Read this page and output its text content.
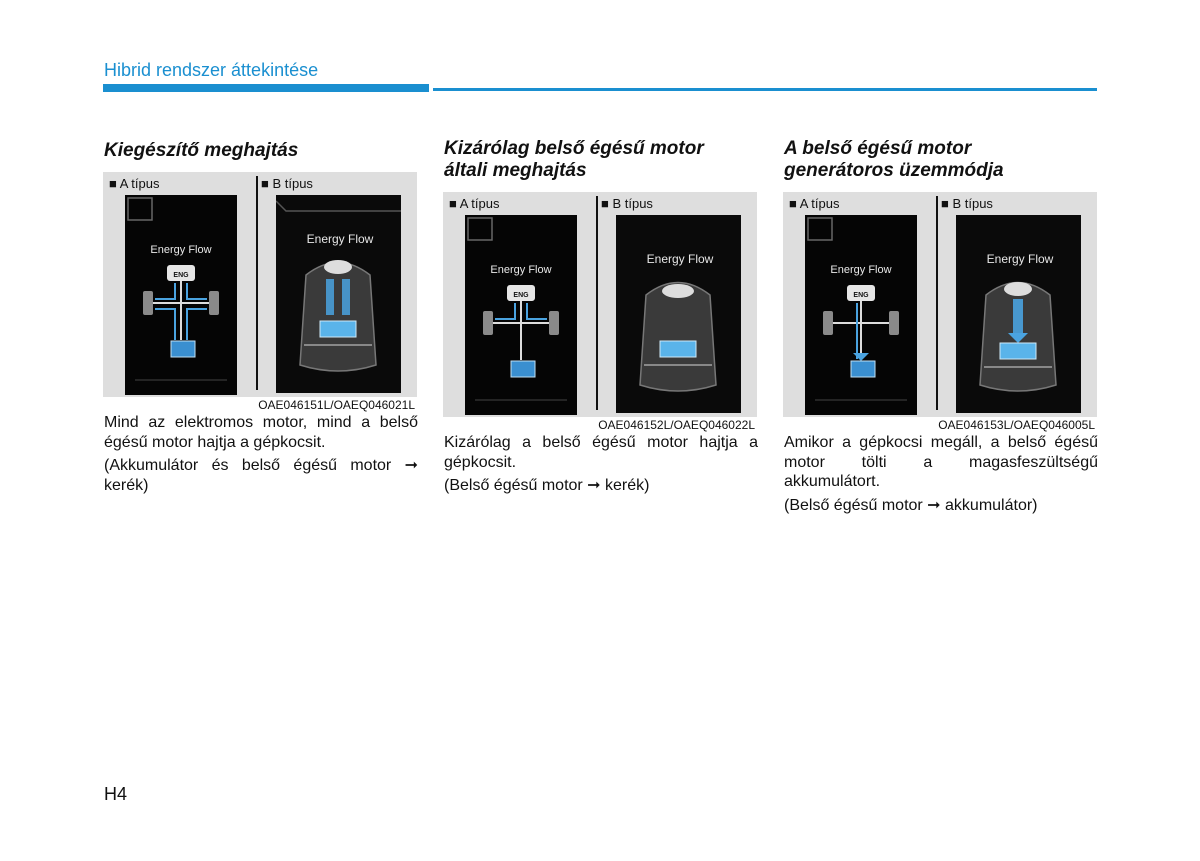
Hibrid rendszer áttekintése
Kiegészítő meghajtás
■ A típus	■ B típus
Energy Flow
ENG
Energy Flow
OAE046151L/OAEQ046021L

Mind az elektromos motor, mind a belső égésű motor hajtja a gépkocsit.

(Akkumulátor és belső égésű motor ➞ kerék)

Kizárólag belső égésű motor
általi meghajtás
■ A típus	■ B típus
Energy Flow
ENG
Energy Flow
OAE046152L/OAEQ046022L

Kizárólag a belső égésű motor hajtja a gépkocsit.

(Belső égésű motor ➞ kerék)

A belső égésű motor
generátoros üzemmódja
■ A típus	■ B típus
Energy Flow
ENG
Energy Flow
OAE046153L/OAEQ046005L

Amikor a gépkocsi megáll, a belső égésű motor tölti a magasfeszültségű akkumulátort.

(Belső égésű motor ➞ akkumulátor)

H4
